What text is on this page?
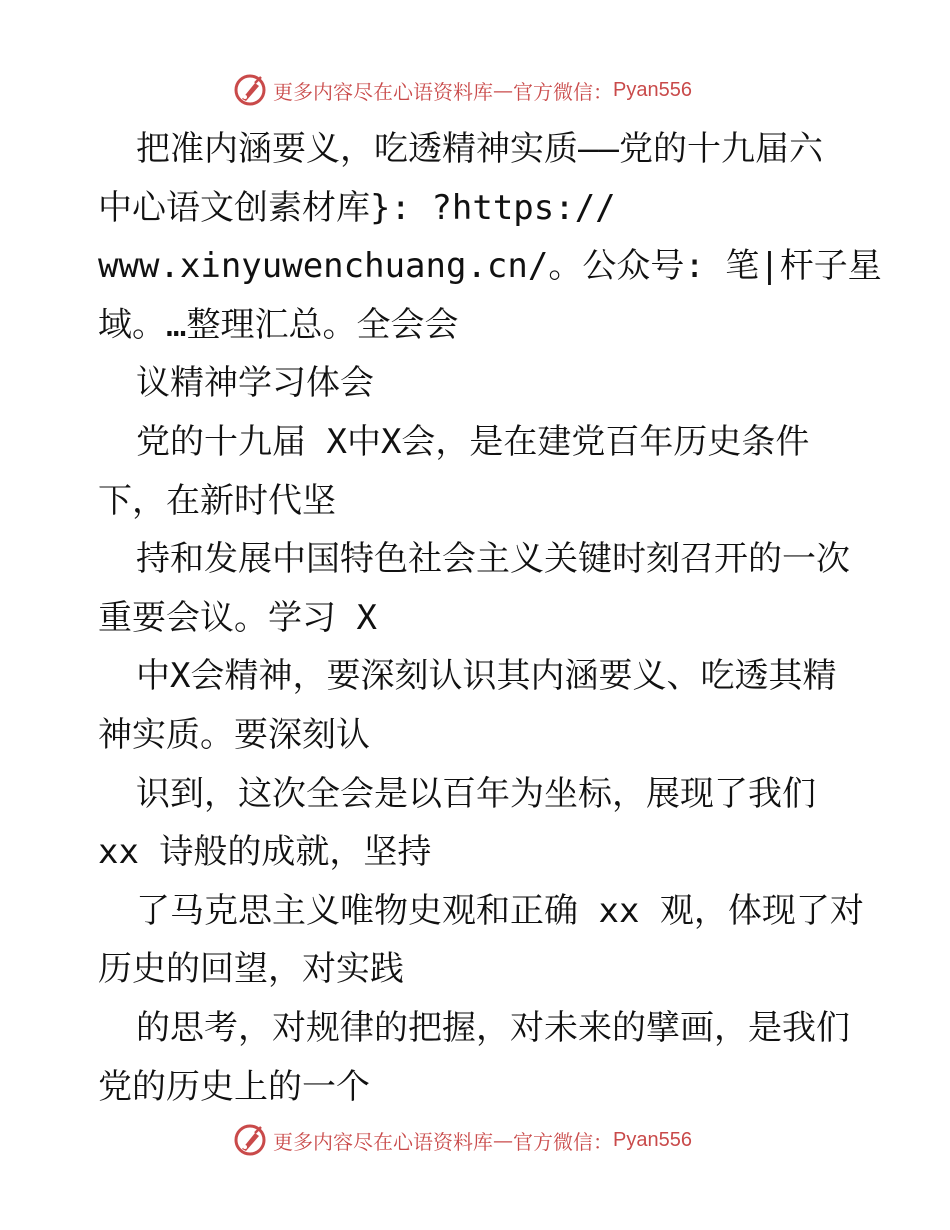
更多内容尽在心语资料库 — 官方微信： Pyan556
把准内涵要义，吃透精神实质——党的十九届六
中心语文创素材库}: ?https://
www.xinyuwenchuang.cn/。公众号: 笔|杆子星
域。…整理汇总。全会会
议精神学习体会
党的十九届 X中X会，是在建党百年历史条件
下，在新时代坚
持和发展中国特色社会主义关键时刻召开的一次
重要会议。学习 X
中X会精神，要深刻认识其内涵要义、吃透其精
神实质。要深刻认
识到，这次全会是以百年为坐标，展现了我们
xx 诗般的成就，坚持
了马克思主义唯物史观和正确 xx 观，体现了对
历史的回望，对实践
的思考，对规律的把握，对未来的擘画，是我们
党的历史上的一个
更多内容尽在心语资料库 — 官方微信： Pyan556
